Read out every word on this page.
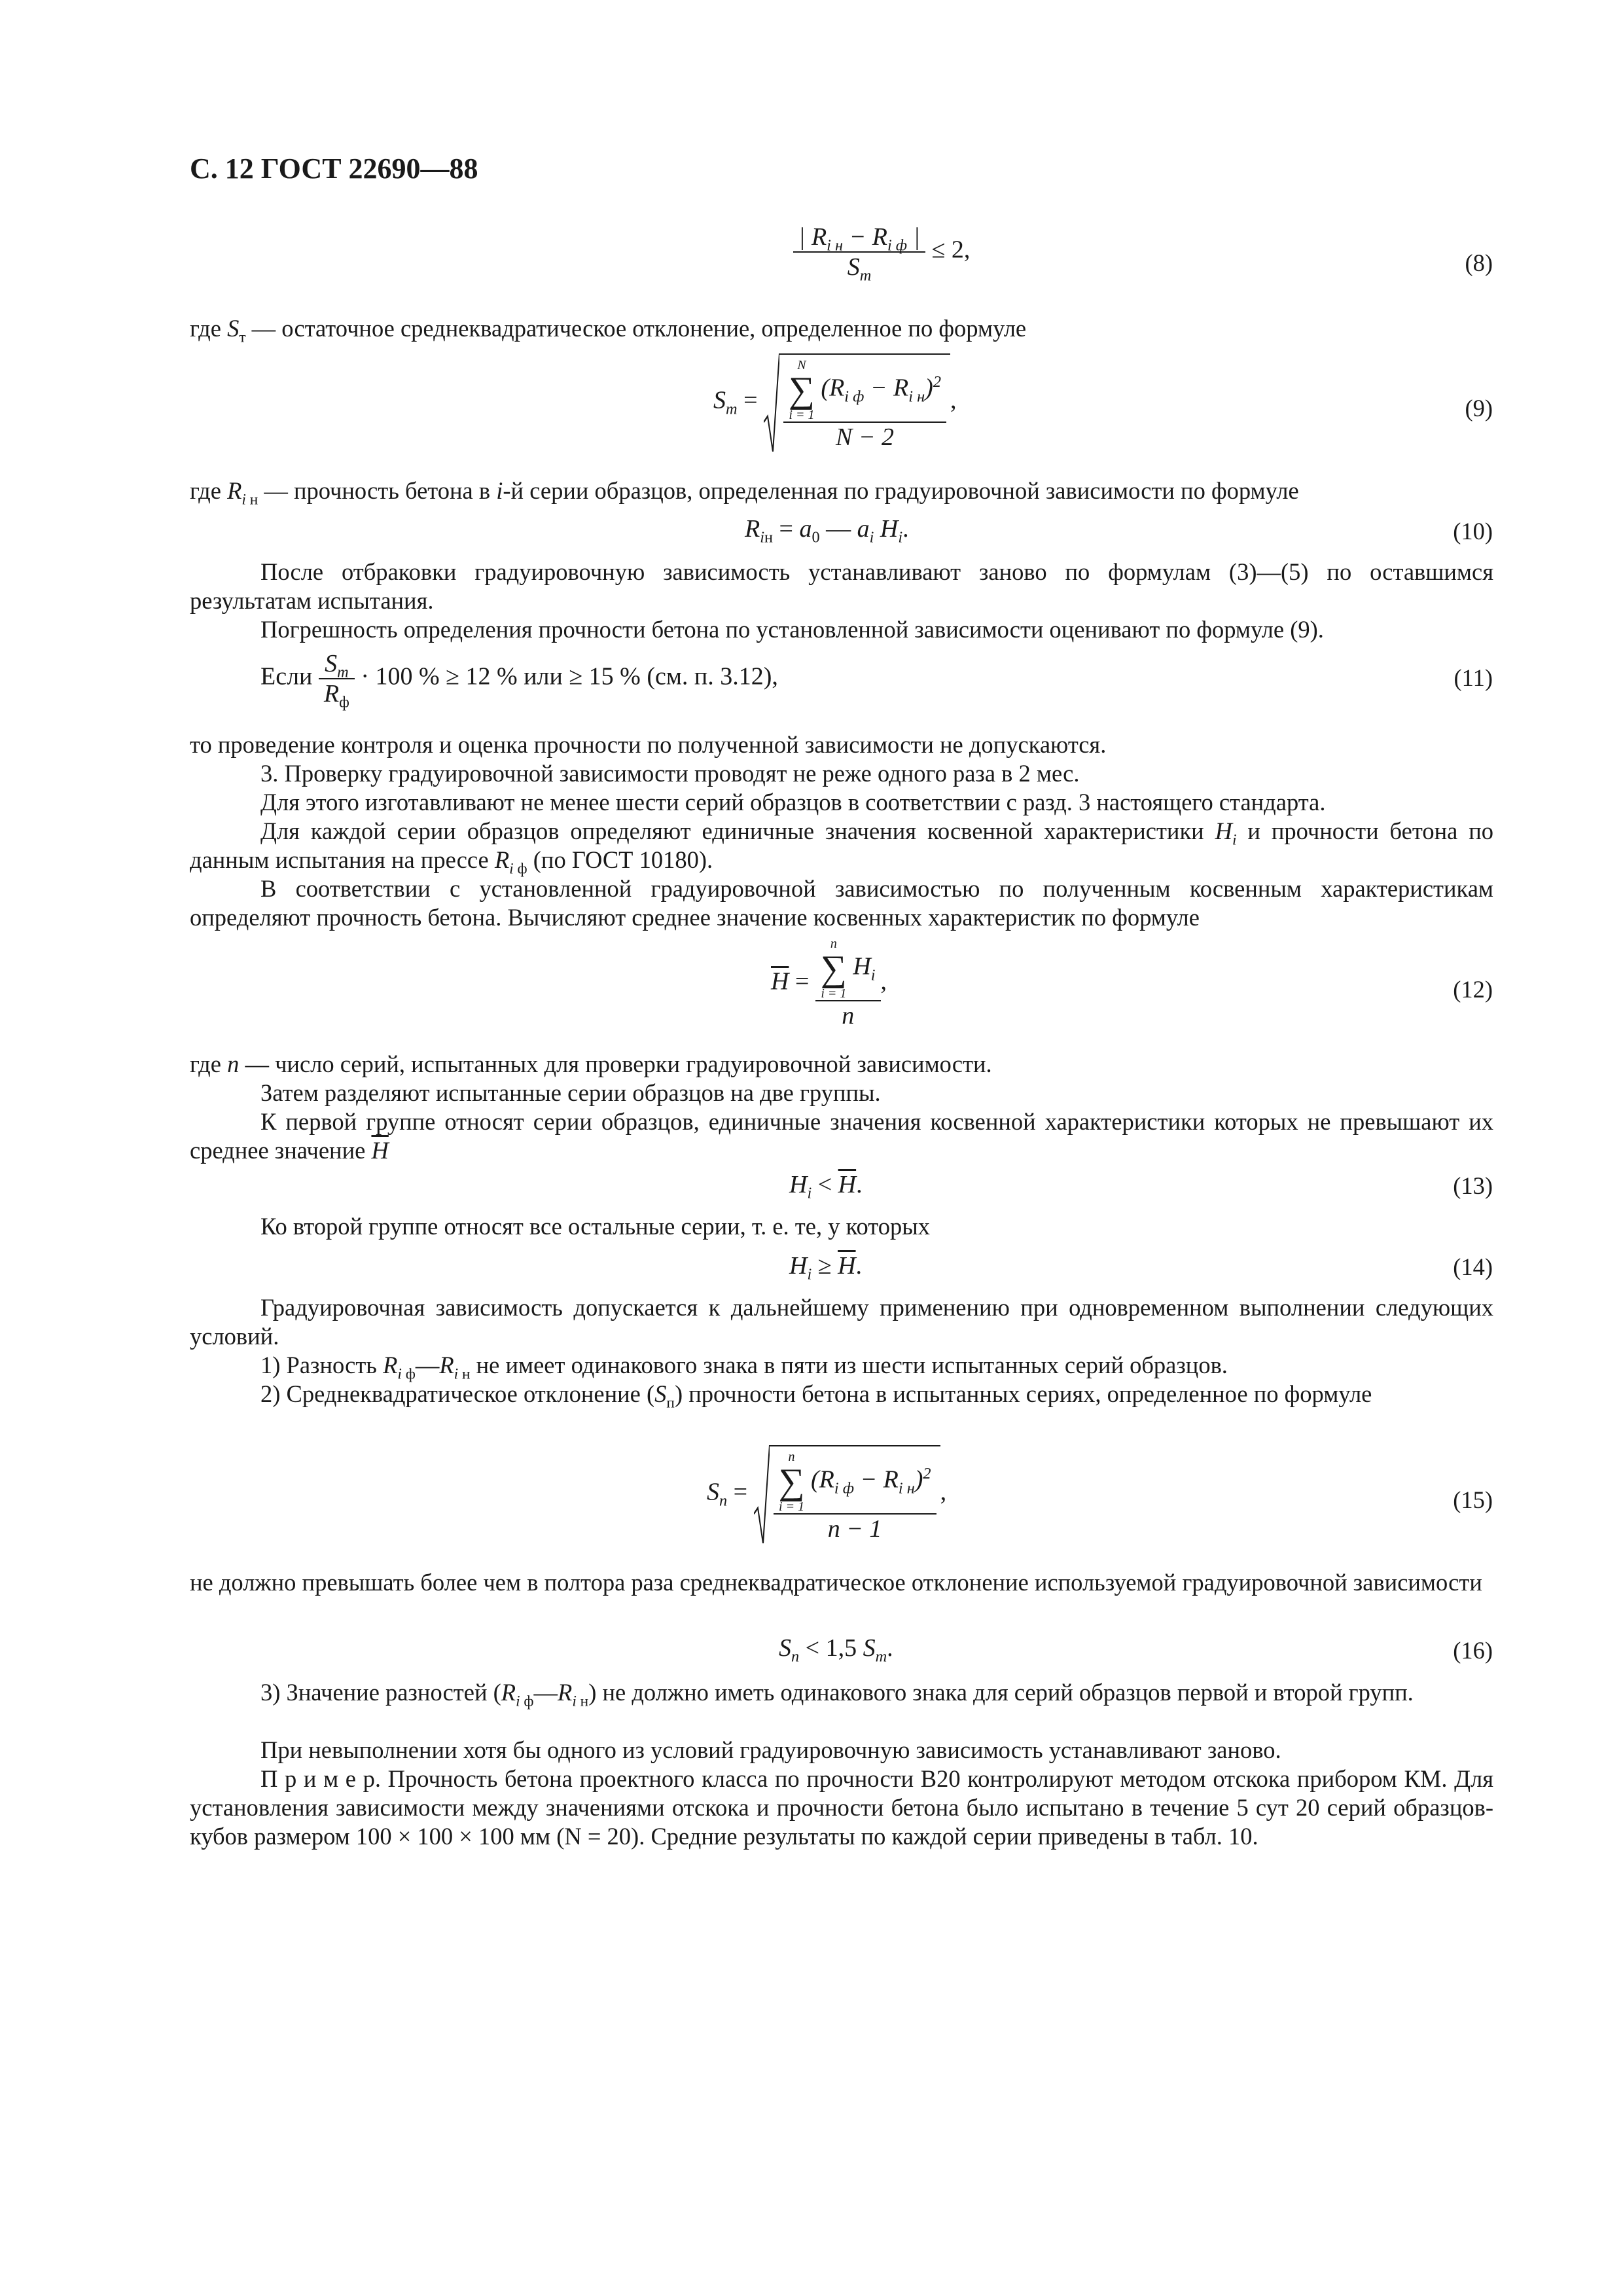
С. 12 ГОСТ 22690—88
$\frac{| R_{i н} - R_{i ф} |}{S_т} \le 2$,	(8)
где $S_т$ — остаточное среднеквадратическое отклонение, определенное по формуле
$S_т = N$
∑
i = 1
$(R_{i ф} - R_{i н})^2$
N − 2 ,	(9)
где $R_i$ $_н$ — прочность бетона в i-й серии образцов, определенная по градуировочной зависимости по формуле
$R_{iн} = a_0$ — $a_i$ $H_i$.	(10)
После отбраковки градуировочную зависимость устанавливают заново по формулам (3)—(5) по оставшимся результатам испытания.
Погрешность определения прочности бетона по установленной зависимости оценивают по формуле (9).
Если $\frac{S_т}{R_ф} \cdot 100$ % ≥ 12 % или ≥ 15 % (см. п. 3.12),	(11)
то проведение контроля и оценка прочности по полученной зависимости не допускаются.
3. Проверку градуировочной зависимости проводят не реже одного раза в 2 мес.
Для этого изготавливают не менее шести серий образцов в соответствии с разд. 3 настоящего стандарта.
Для каждой серии образцов определяют единичные значения косвенной характеристики $H_i$ и прочности бетона по данным испытания на прессе $R_i$ $_ф$ (по ГОСТ 10180).
В соответствии с установленной градуировочной зависимостью по полученным косвенным характеристикам определяют прочность бетона. Вычисляют среднее значение косвенных характеристик по формуле
$\overline{H} = n$
∑
i = 1
$H_i$
n ,	(12)
где n — число серий, испытанных для проверки градуировочной зависимости.
Затем разделяют испытанные серии образцов на две группы.
К первой группе относят серии образцов, единичные значения косвенной характеристики которых не превышают их среднее значение $\overline{H}$
$H_i < \overline{H}$.	(13)
Ко второй группе относят все остальные серии, т. е. те, у которых
$H_i \ge \overline{H}$.	(14)
Градуировочная зависимость допускается к дальнейшему применению при одновременном выполнении следующих условий.
1) Разность $R_i$ $_ф—R_i$ $_н$ не имеет одинакового знака в пяти из шести испытанных серий образцов.
2) Среднеквадратическое отклонение $(S_п)$ прочности бетона в испытанных сериях, определенное по формуле
$S_п = n$
∑
i = 1
$(R_{i ф} - R_{i н})^2$
n − 1 ,	(15)
не должно превышать более чем в полтора раза среднеквадратическое отклонение используемой градуировочной зависимости
$S_п < 1,5$ $S_т$.	(16)
3) Значение разностей ($R_i$ $_ф—R_i$ $_н$) не должно иметь одинакового знака для серий образцов первой и второй групп.
При невыполнении хотя бы одного из условий градуировочную зависимость устанавливают заново.
П р и м е р. Прочность бетона проектного класса по прочности В20 контролируют методом отскока прибором КМ. Для установления зависимости между значениями отскока и прочности бетона было испытано в течение 5 сут 20 серий образцов-кубов размером 100 × 100 × 100 мм (N = 20). Средние результаты по каждой серии приведены в табл. 10.
